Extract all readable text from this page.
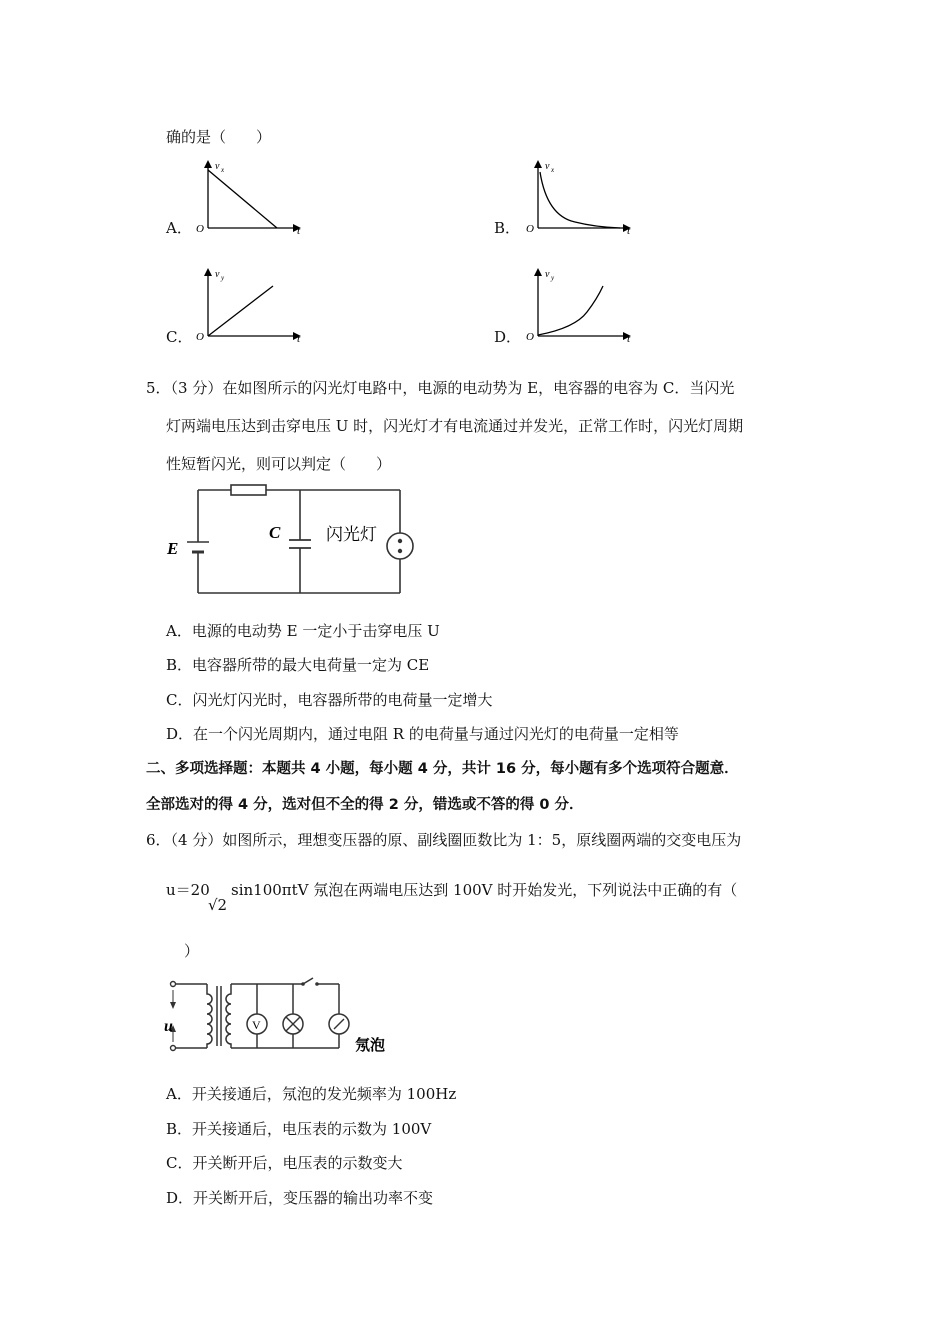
确的是（　　）
A．
v x
t
O	B．
v x
t
O
C．
v y
t
O	D．
v y
t
O
5．（3 分）在如图所示的闪光灯电路中，电源的电动势为 E，电容器的电容为 C．当闪光
灯两端电压达到击穿电压 U 时，闪光灯才有电流通过并发光，正常工作时，闪光灯周期
性短暂闪光，则可以判定（　　）
E
C	闪光灯
A．电源的电动势 E 一定小于击穿电压 U
B．电容器所带的最大电荷量一定为 CE
C．闪光灯闪光时，电容器所带的电荷量一定增大
D．在一个闪光周期内，通过电阻 R 的电荷量与通过闪光灯的电荷量一定相等
二、多项选择题：本题共 4 小题，每小题 4 分，共计 16 分，每小题有多个选项符合题意．
全部选对的得 4 分，选对但不全的得 2 分，错选或不答的得 0 分．
6．（4 分）如图所示，理想变压器的原、副线圈匝数比为 1：5，原线圈两端的交变电压为
u＝20
√2
sin100πtV 氖泡在两端电压达到 100V 时开始发光，下列说法中正确的有（
）
V
u
氖泡
A．开关接通后，氖泡的发光频率为 100Hz
B．开关接通后，电压表的示数为 100V
C．开关断开后，电压表的示数变大
D．开关断开后，变压器的输出功率不变
